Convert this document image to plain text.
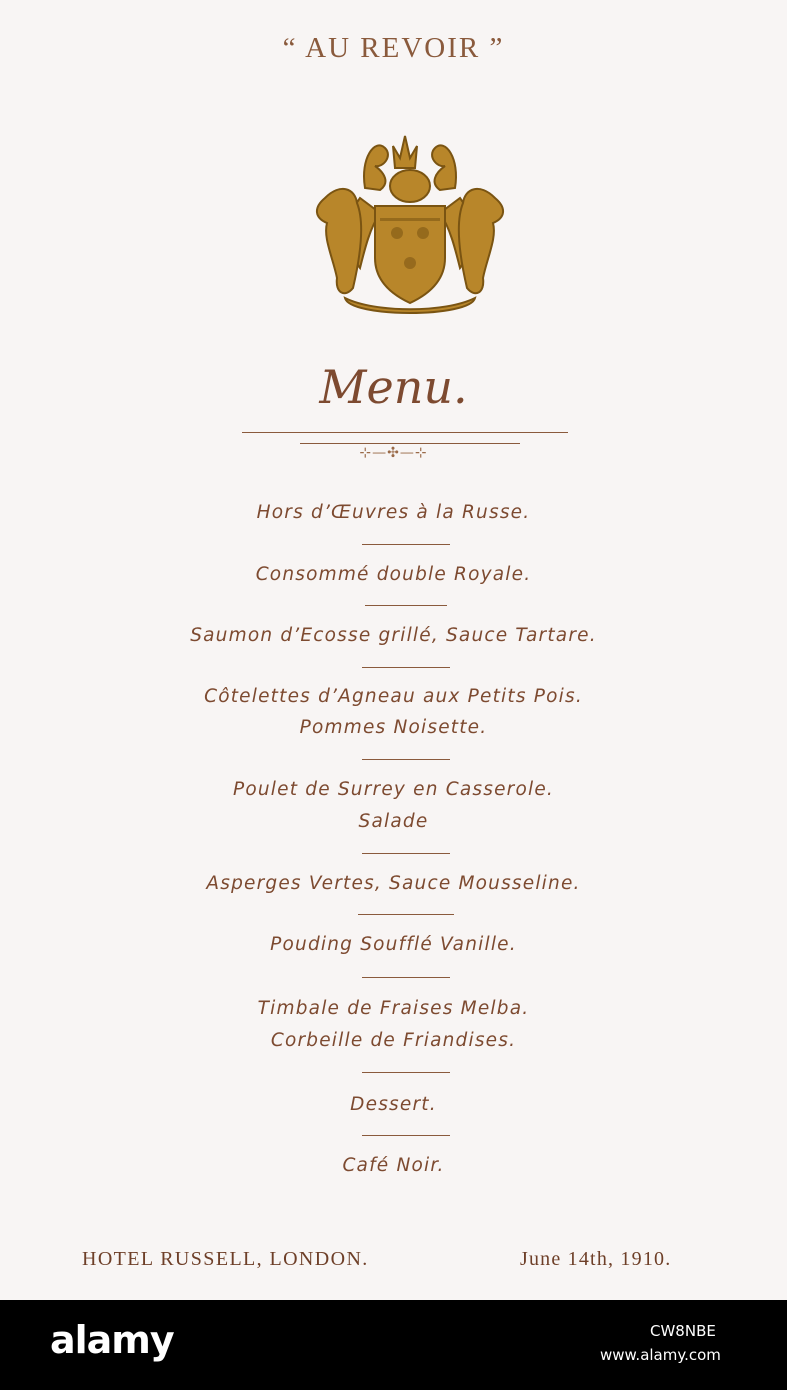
“ AU REVOIR ”
Menu.
⊹—✣—⊹
Hors d’Œuvres à la Russe.
Consommé double Royale.
Saumon d’Ecosse grillé, Sauce Tartare.
Côtelettes d’Agneau aux Petits Pois.
Pommes Noisette.
Poulet de Surrey en Casserole.
Salade
Asperges Vertes, Sauce Mousseline.
Pouding Soufflé Vanille.
Timbale de Fraises Melba.
Corbeille de Friandises.
Dessert.
Café Noir.
HOTEL RUSSELL, LONDON.	June 14th, 1910.
alamy	CW8NBE
www.alamy.com
